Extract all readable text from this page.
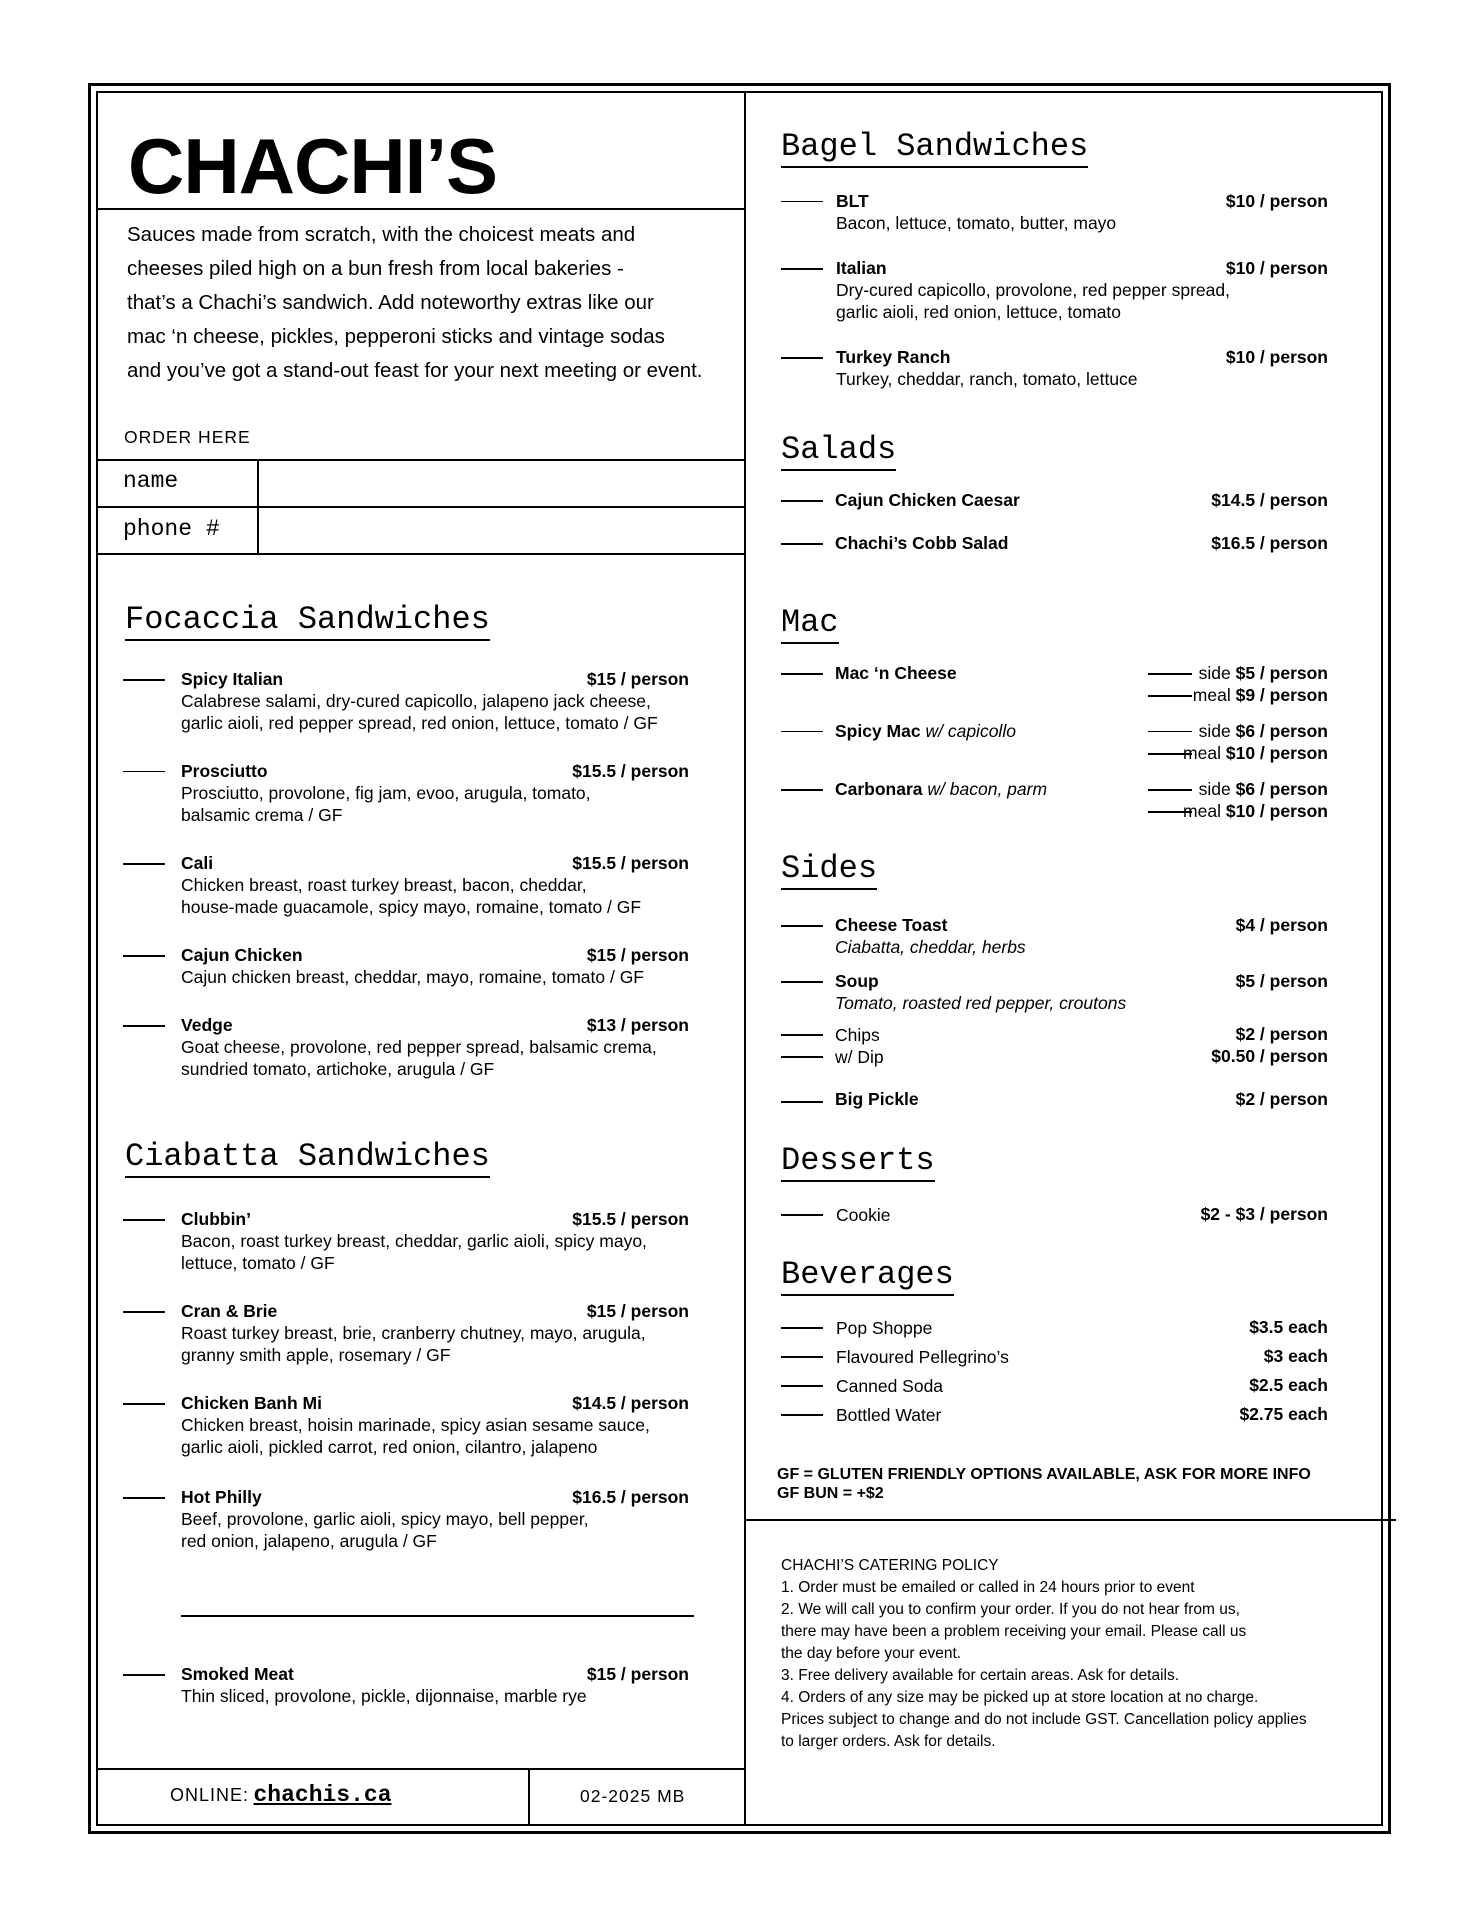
CHACHI’S
Sauces made from scratch, with the choicest meats and
cheeses piled high on a bun fresh from local bakeries -
that’s a Chachi’s sandwich. Add noteworthy extras like our
mac ‘n cheese, pickles, pepperoni sticks and vintage sodas
and you’ve got a stand-out feast for your next meeting or event.
ORDER HERE
name
phone #
Focaccia Sandwiches
Spicy Italian
Calabrese salami, dry-cured capicollo, jalapeno jack cheese,
garlic aioli, red pepper spread, red onion, lettuce, tomato / GF
$15 / person
Prosciutto
Prosciutto, provolone, fig jam, evoo, arugula, tomato,
balsamic crema / GF
$15.5 / person
Cali
Chicken breast, roast turkey breast, bacon, cheddar,
house-made guacamole, spicy mayo, romaine, tomato / GF
$15.5 / person
Cajun Chicken
Cajun chicken breast, cheddar, mayo, romaine, tomato / GF
$15 / person
Vedge
Goat cheese, provolone, red pepper spread, balsamic crema,
sundried tomato, artichoke, arugula / GF
$13 / person
Ciabatta Sandwiches
Clubbin’
Bacon, roast turkey breast, cheddar, garlic aioli, spicy mayo,
lettuce, tomato / GF
$15.5 / person
Cran & Brie
Roast turkey breast, brie, cranberry chutney, mayo, arugula,
granny smith apple, rosemary / GF
$15 / person
Chicken Banh Mi
Chicken breast, hoisin marinade, spicy asian sesame sauce,
garlic aioli, pickled carrot, red onion, cilantro, jalapeno
$14.5 / person
Hot Philly
Beef, provolone, garlic aioli, spicy mayo, bell pepper,
red onion, jalapeno, arugula / GF
$16.5 / person
Smoked Meat
Thin sliced, provolone, pickle, dijonnaise, marble rye
$15 / person
ONLINE: chachis.ca	02-2025 MB
Bagel Sandwiches
BLT
Bacon, lettuce, tomato, butter, mayo
$10 / person
Italian
Dry-cured capicollo, provolone, red pepper spread,
garlic aioli, red onion, lettuce, tomato
$10 / person
Turkey Ranch
Turkey, cheddar, ranch, tomato, lettuce
$10 / person
Salads
Cajun Chicken Caesar	$14.5 / person
Chachi’s Cobb Salad	$16.5 / person
Mac
Mac ‘n Cheese	side $5 / person
meal $9 / person
Spicy Mac w/ capicollo	side $6 / person
meal $10 / person
Carbonara w/ bacon, parm	side $6 / person
meal $10 / person
Sides
Cheese Toast
Ciabatta, cheddar, herbs
$4 / person
Soup
Tomato, roasted red pepper, croutons
$5 / person
Chips	$2 / person
w/ Dip	$0.50 / person
Big Pickle	$2 / person
Desserts
Cookie	$2 - $3 / person
Beverages
Pop Shoppe	$3.5 each
Flavoured Pellegrino’s	$3 each
Canned Soda	$2.5 each
Bottled Water	$2.75 each
GF = GLUTEN FRIENDLY OPTIONS AVAILABLE, ASK FOR MORE INFO
GF BUN = +$2
CHACHI’S CATERING POLICY
1. Order must be emailed or called in 24 hours prior to event
2. We will call you to confirm your order. If you do not hear from us,
there may have been a problem receiving your email. Please call us
the day before your event.
3. Free delivery available for certain areas. Ask for details.
4. Orders of any size may be picked up at store location at no charge.
Prices subject to change and do not include GST. Cancellation policy applies
to larger orders. Ask for details.
